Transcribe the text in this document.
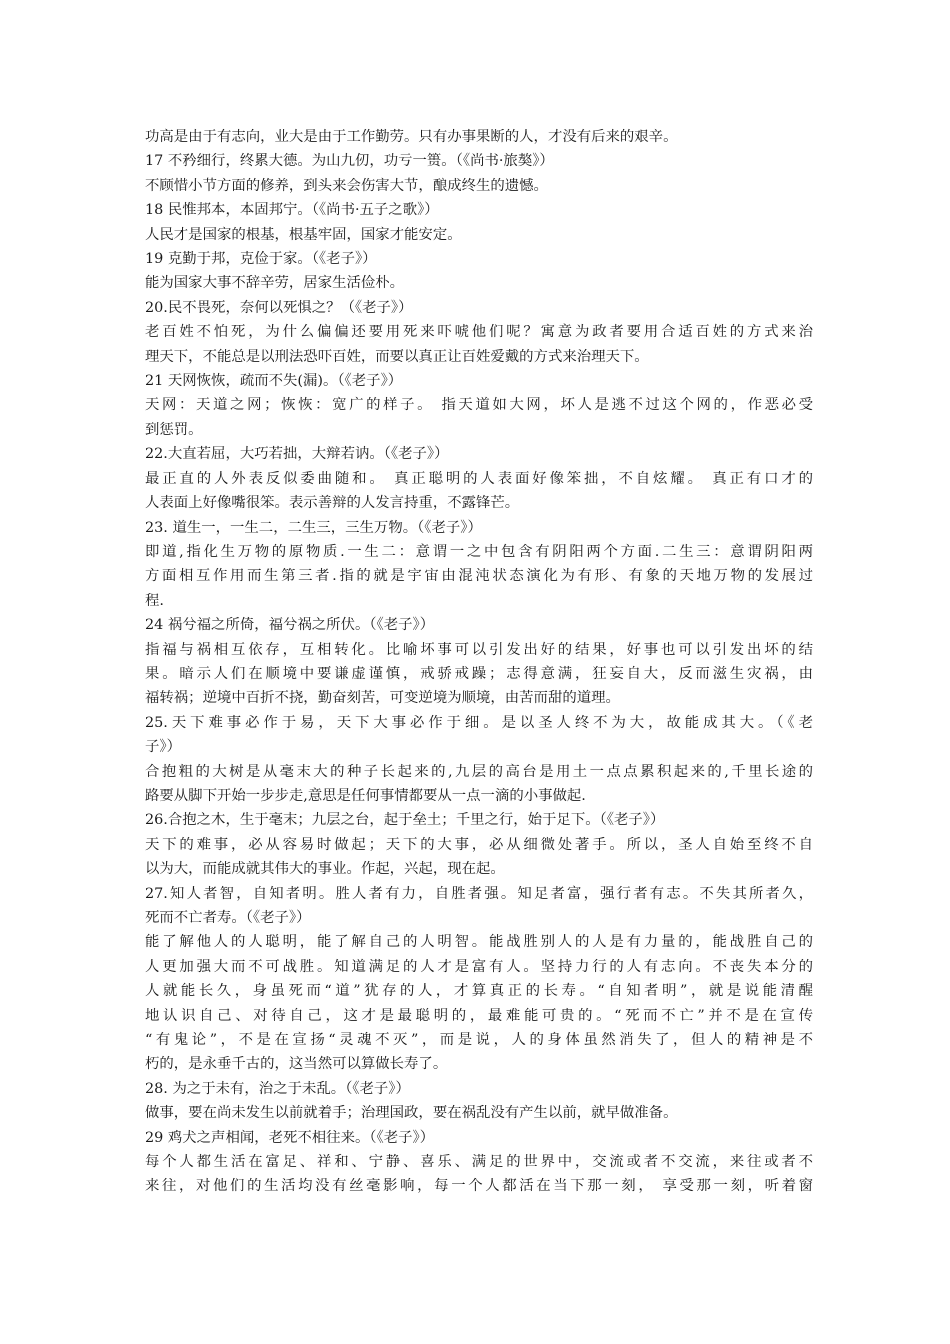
功高是由于有志向，业大是由于工作勤劳。只有办事果断的人，才没有后来的艰辛。
17 不矜细行，终累大德。为山九仞，功亏一篑。（《尚书·旅獒》）
不顾惜小节方面的修养，到头来会伤害大节，酿成终生的遗憾。
18 民惟邦本，本固邦宁。（《尚书·五子之歌》）
人民才是国家的根基，根基牢固，国家才能安定。
19 克勤于邦，克俭于家。（《老子》）
能为国家大事不辞辛劳，居家生活俭朴。
20.民不畏死，奈何以死惧之？（《老子》）
老百姓不怕死，为什么偏偏还要用死来吓唬他们呢？寓意为政者要用合适百姓的方式来治
理天下，不能总是以刑法恐吓百姓，而要以真正让百姓爱戴的方式来治理天下。
21 天网恢恢，疏而不失(漏)。（《老子》）
天网：天道之网；恢恢：宽广的样子。 指天道如大网，坏人是逃不过这个网的，作恶必受
到惩罚。
22.大直若屈，大巧若拙，大辩若讷。（《老子》）
最正直的人外表反似委曲随和。 真正聪明的人表面好像笨拙，不自炫耀。 真正有口才的
人表面上好像嘴很笨。表示善辩的人发言持重，不露锋芒。
23. 道生一，一生二，二生三，三生万物。（《老子》）
即道,指化生万物的原物质.一生二：意谓一之中包含有阴阳两个方面.二生三：意谓阴阳两
方面相互作用而生第三者.指的就是宇宙由混沌状态演化为有形、有象的天地万物的发展过
程.
24 祸兮福之所倚，福兮祸之所伏。（《老子》）
指福与祸相互依存，互相转化。比喻坏事可以引发出好的结果，好事也可以引发出坏的结
果。暗示人们在顺境中要谦虚谨慎，戒骄戒躁；志得意满，狂妄自大，反而滋生灾祸，由
福转祸；逆境中百折不挠，勤奋刻苦，可变逆境为顺境，由苦而甜的道理。
25.天下难事必作于易，天下大事必作于细。是以圣人终不为大，故能成其大。（《老
子》）
合抱粗的大树是从毫末大的种子长起来的,九层的高台是用土一点点累积起来的,千里长途的
路要从脚下开始一步步走,意思是任何事情都要从一点一滴的小事做起.
26.合抱之木，生于毫末；九层之台，起于垒土；千里之行，始于足下。（《老子》）
天下的难事，必从容易时做起；天下的大事，必从细微处著手。所以，圣人自始至终不自
以为大，而能成就其伟大的事业。作起，兴起，现在起。
27.知人者智，自知者明。胜人者有力，自胜者强。知足者富，强行者有志。不失其所者久，
死而不亡者寿。（《老子》）
能了解他人的人聪明，能了解自己的人明智。能战胜别人的人是有力量的，能战胜自己的
人更加强大而不可战胜。知道满足的人才是富有人。坚持力行的人有志向。不丧失本分的
人就能长久，身虽死而“道”犹存的人，才算真正的长寿。“自知者明”，就是说能清醒
地认识自己、对待自己，这才是最聪明的，最难能可贵的。“死而不亡”并不是在宣传
“有鬼论”，不是在宣扬“灵魂不灭”，而是说，人的身体虽然消失了，但人的精神是不
朽的，是永垂千古的，这当然可以算做长寿了。
28. 为之于未有，治之于未乱。（《老子》）
做事，要在尚未发生以前就着手；治理国政，要在祸乱没有产生以前，就早做准备。
29 鸡犬之声相闻，老死不相往来。（《老子》）
每个人都生活在富足、祥和、宁静、喜乐、满足的世界中，交流或者不交流，来往或者不
来往，对他们的生活均没有丝毫影响，每一个人都活在当下那一刻， 享受那一刻，听着窗
